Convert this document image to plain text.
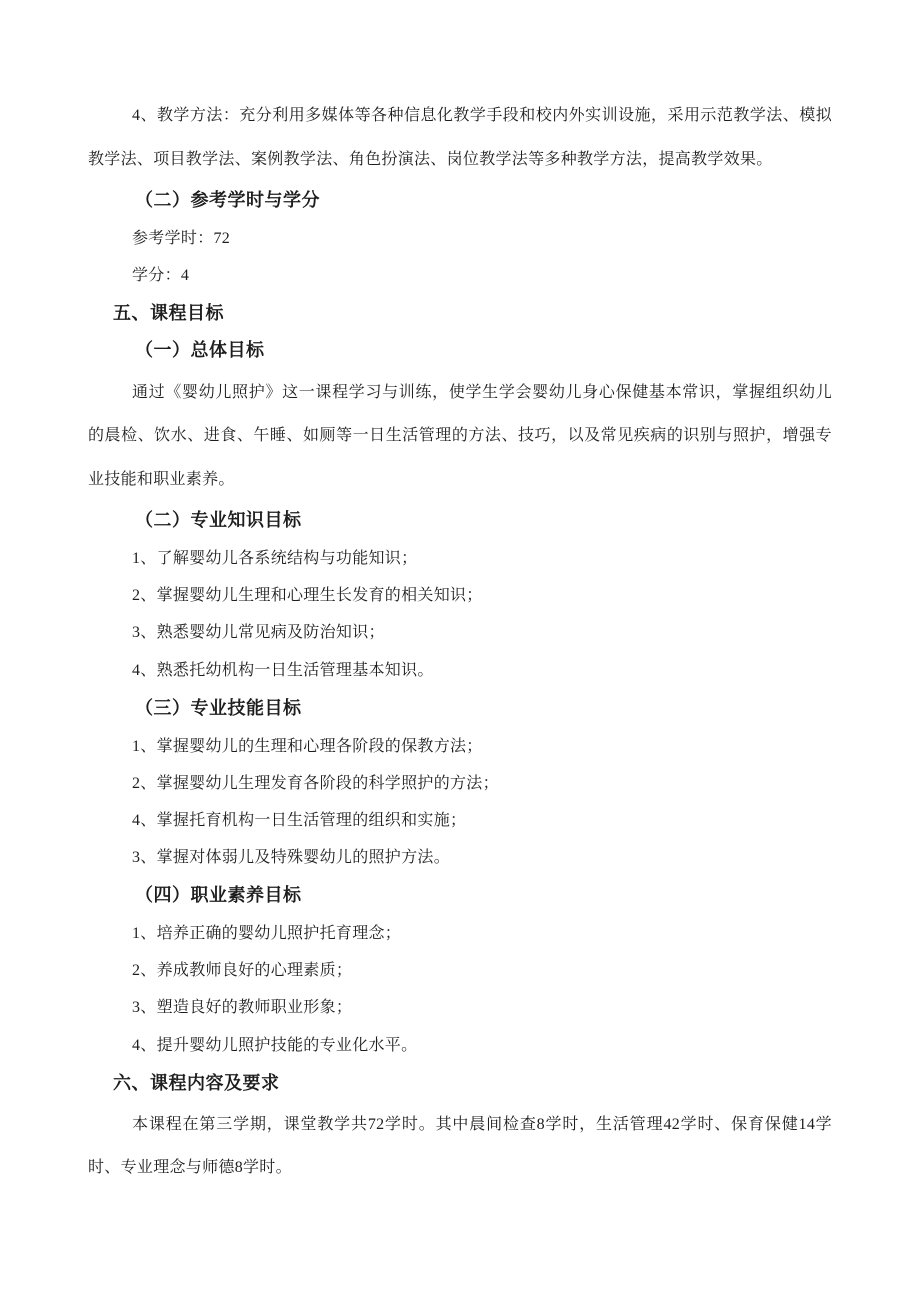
4、教学方法：充分利用多媒体等各种信息化教学手段和校内外实训设施，采用示范教学法、模拟教学法、项目教学法、案例教学法、角色扮演法、岗位教学法等多种教学方法，提高教学效果。

（二）参考学时与学分

参考学时：72

学分：4

五、课程目标
（一）总体目标

通过《婴幼儿照护》这一课程学习与训练，使学生学会婴幼儿身心保健基本常识，掌握组织幼儿的晨检、饮水、进食、午睡、如厕等一日生活管理的方法、技巧，以及常见疾病的识别与照护，增强专业技能和职业素养。

（二）专业知识目标

1、了解婴幼儿各系统结构与功能知识；

2、掌握婴幼儿生理和心理生长发育的相关知识；

3、熟悉婴幼儿常见病及防治知识；

4、熟悉托幼机构一日生活管理基本知识。

（三）专业技能目标

1、掌握婴幼儿的生理和心理各阶段的保教方法；

2、掌握婴幼儿生理发育各阶段的科学照护的方法；

4、掌握托育机构一日生活管理的组织和实施；

3、掌握对体弱儿及特殊婴幼儿的照护方法。

（四）职业素养目标

1、培养正确的婴幼儿照护托育理念；

2、养成教师良好的心理素质；

3、塑造良好的教师职业形象；

4、提升婴幼儿照护技能的专业化水平。

六、课程内容及要求

本课程在第三学期，课堂教学共72学时。其中晨间检查8学时，生活管理42学时、保育保健14学时、专业理念与师德8学时。
